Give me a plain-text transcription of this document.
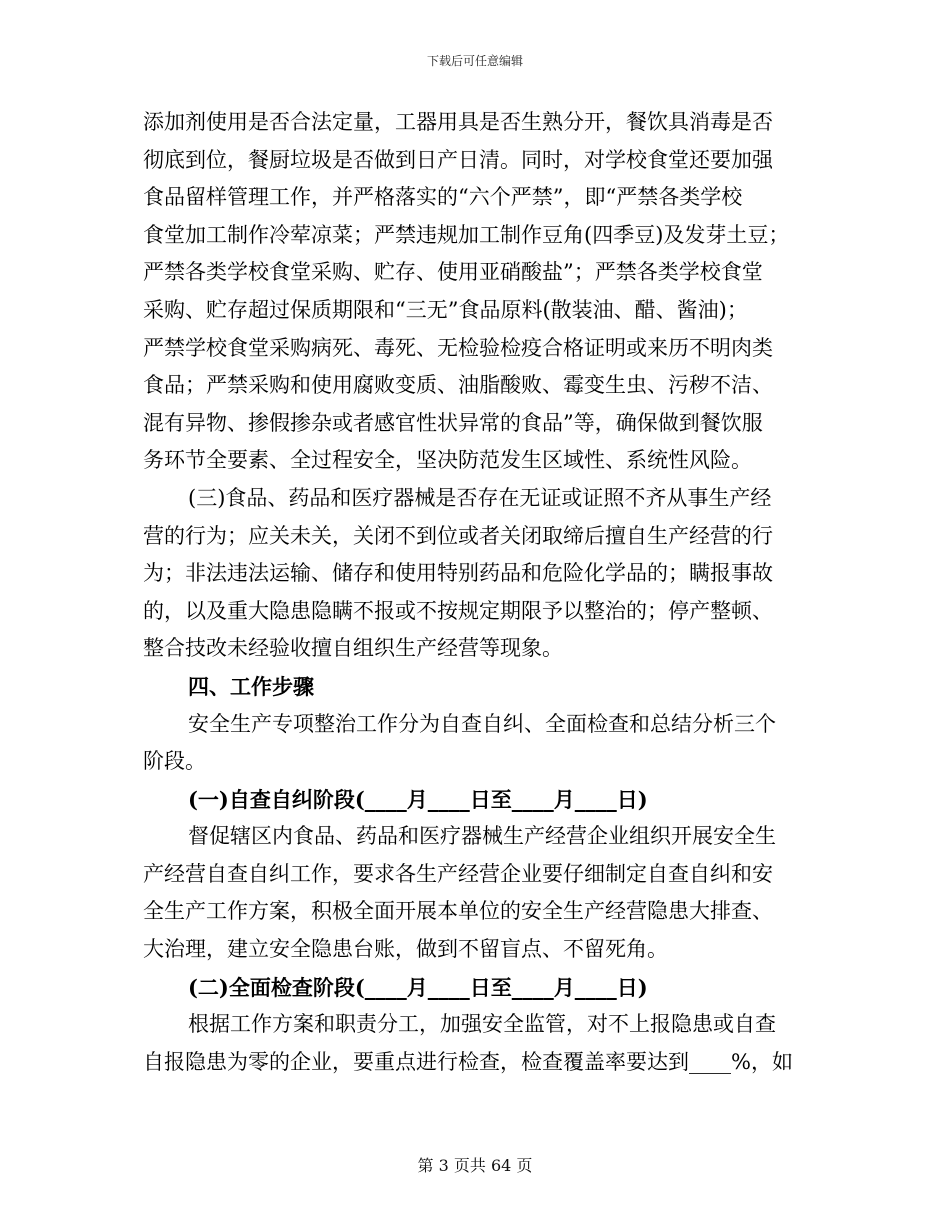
下载后可任意编辑

添加剂使用是否合法定量，工器用具是否生熟分开，餐饮具消毒是否

彻底到位，餐厨垃圾是否做到日产日清。同时，对学校食堂还要加强

食品留样管理工作，并严格落实的“六个严禁”，即“严禁各类学校

食堂加工制作冷荤凉菜；严禁违规加工制作豆角(四季豆)及发芽土豆；

严禁各类学校食堂采购、贮存、使用亚硝酸盐”；严禁各类学校食堂

采购、贮存超过保质期限和“三无”食品原料(散装油、醋、酱油)；

严禁学校食堂采购病死、毒死、无检验检疫合格证明或来历不明肉类

食品；严禁采购和使用腐败变质、油脂酸败、霉变生虫、污秽不洁、

混有异物、掺假掺杂或者感官性状异常的食品”等，确保做到餐饮服

务环节全要素、全过程安全，坚决防范发生区域性、系统性风险。

(三)食品、药品和医疗器械是否存在无证或证照不齐从事生产经

营的行为；应关未关，关闭不到位或者关闭取缔后擅自生产经营的行

为；非法违法运输、储存和使用特别药品和危险化学品的；瞒报事故

的，以及重大隐患隐瞒不报或不按规定期限予以整治的；停产整顿、

整合技改未经验收擅自组织生产经营等现象。

四、工作步骤

安全生产专项整治工作分为自查自纠、全面检查和总结分析三个

阶段。

(一)自查自纠阶段(____月____日至____月____日)

督促辖区内食品、药品和医疗器械生产经营企业组织开展安全生

产经营自查自纠工作，要求各生产经营企业要仔细制定自查自纠和安

全生产工作方案，积极全面开展本单位的安全生产经营隐患大排查、

大治理，建立安全隐患台账，做到不留盲点、不留死角。

(二)全面检查阶段(____月____日至____月____日)

根据工作方案和职责分工，加强安全监管，对不上报隐患或自查

自报隐患为零的企业，要重点进行检查，检查覆盖率要达到____%，如

第 3 页共 64 页
